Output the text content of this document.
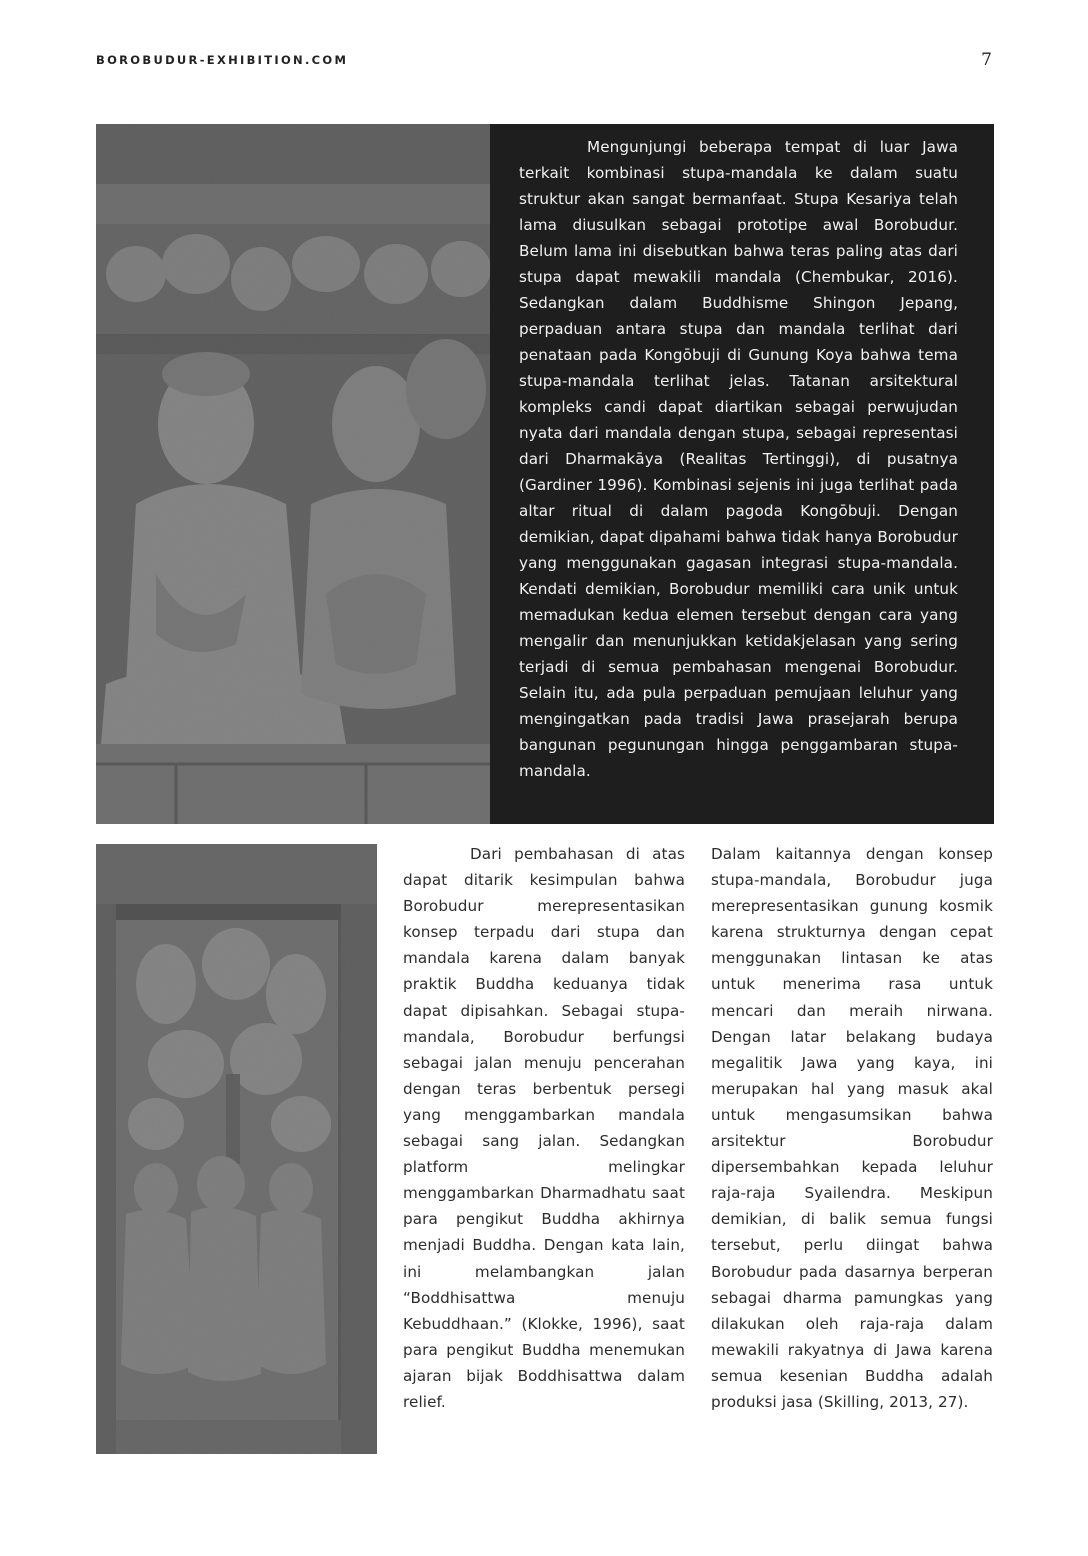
BOROBUDUR-EXHIBITION.COM	7

Mengunjungi beberapa tempat di luar Jawa terkait kombinasi stupa-mandala ke dalam suatu struktur akan sangat bermanfaat. Stupa Kesariya telah lama diusulkan sebagai prototipe awal Borobudur. Belum lama ini disebutkan bahwa teras paling atas dari stupa dapat mewakili mandala (Chembukar, 2016). Sedangkan dalam Buddhisme Shingon Jepang, perpaduan antara stupa dan mandala terlihat dari penataan pada Kongōbuji di Gunung Koya bahwa tema stupa-mandala terlihat jelas. Tatanan arsitektural kompleks candi dapat diartikan sebagai perwujudan nyata dari mandala dengan stupa, sebagai representasi dari Dharmakāya (Realitas Tertinggi), di pusatnya (Gardiner 1996). Kombinasi sejenis ini juga terlihat pada altar ritual di dalam pagoda Kongōbuji. Dengan demikian, dapat dipahami bahwa tidak hanya Borobudur yang menggunakan gagasan integrasi stupa-mandala. Kendati demikian, Borobudur memiliki cara unik untuk memadukan kedua elemen tersebut dengan cara yang mengalir dan menunjukkan ketidakjelasan yang sering terjadi di semua pembahasan mengenai Borobudur. Selain itu, ada pula perpaduan pemujaan leluhur yang mengingatkan pada tradisi Jawa prasejarah berupa bangunan pegunungan hingga penggambaran stupa-mandala.

Dari pembahasan di atas dapat ditarik kesimpulan bahwa Borobudur merepresentasikan konsep terpadu dari stupa dan mandala karena dalam banyak praktik Buddha keduanya tidak dapat dipisahkan. Sebagai stupa-mandala, Borobudur berfungsi sebagai jalan menuju pencerahan dengan teras berbentuk persegi yang menggambarkan mandala sebagai sang jalan. Sedangkan platform melingkar menggambarkan Dharmadhatu saat para pengikut Buddha akhirnya menjadi Buddha. Dengan kata lain, ini melambangkan jalan “Boddhisattwa menuju Kebuddhaan.” (Klokke, 1996), saat para pengikut Buddha menemukan ajaran bijak Boddhisattwa dalam relief.

Dalam kaitannya dengan konsep stupa-mandala, Borobudur juga merepresentasikan gunung kosmik karena strukturnya dengan cepat menggunakan lintasan ke atas untuk menerima rasa untuk mencari dan meraih nirwana. Dengan latar belakang budaya megalitik Jawa yang kaya, ini merupakan hal yang masuk akal untuk mengasumsikan bahwa arsitektur Borobudur dipersembahkan kepada leluhur raja-raja Syailendra. Meskipun demikian, di balik semua fungsi tersebut, perlu diingat bahwa Borobudur pada dasarnya berperan sebagai dharma pamungkas yang dilakukan oleh raja-raja dalam mewakili rakyatnya di Jawa karena semua kesenian Buddha adalah produksi jasa (Skilling, 2013, 27).
